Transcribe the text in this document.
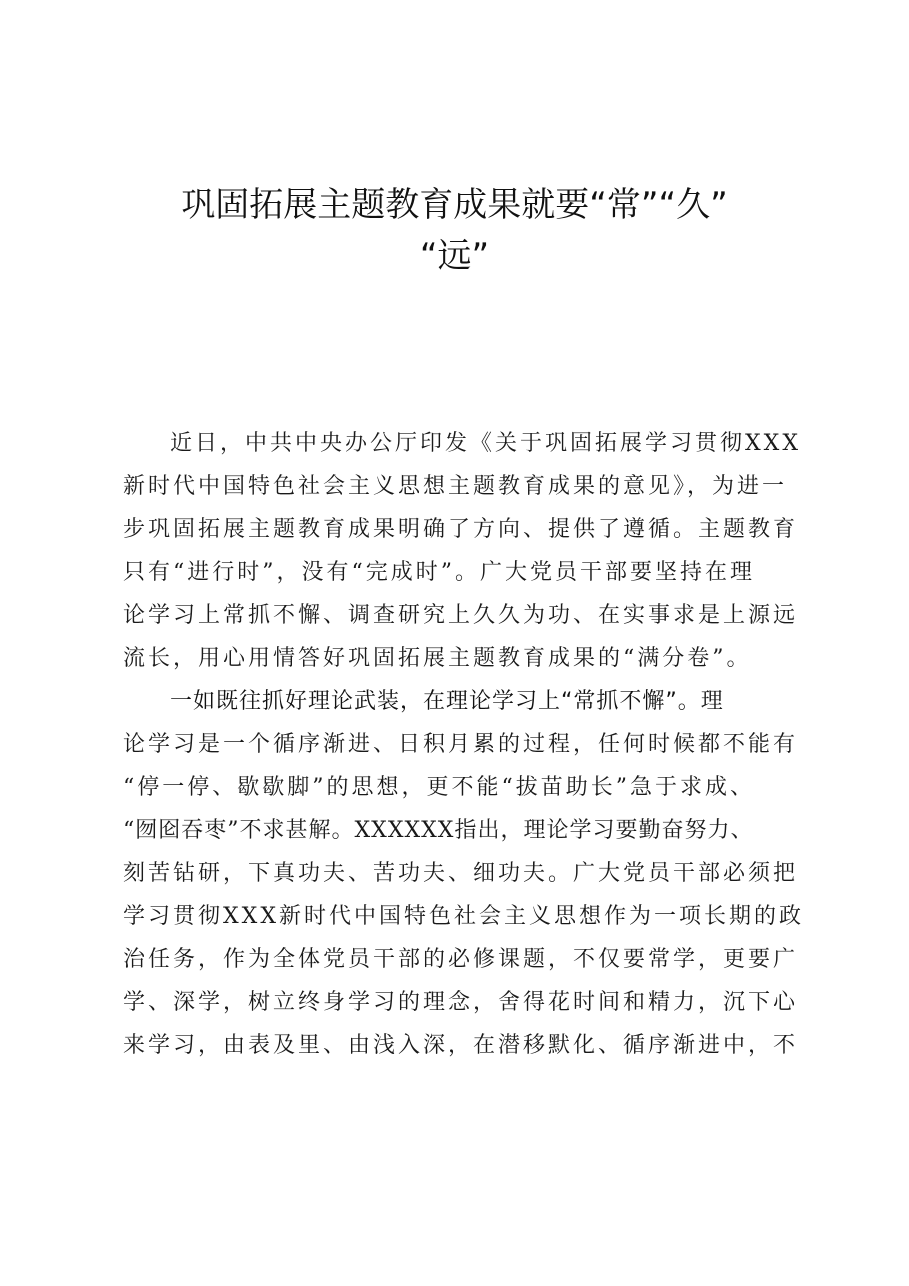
巩固拓展主题教育成果就要“常”“久”
“远”
近日，中共中央办公厅印发《关于巩固拓展学习贯彻XXX
新时代中国特色社会主义思想主题教育成果的意见》，为进一
步巩固拓展主题教育成果明确了方向、提供了遵循。主题教育
只有“进行时”，没有“完成时”。广大党员干部要坚持在理
论学习上常抓不懈、调查研究上久久为功、在实事求是上源远
流长，用心用情答好巩固拓展主题教育成果的“满分卷”。
一如既往抓好理论武装，在理论学习上“常抓不懈”。理
论学习是一个循序渐进、日积月累的过程，任何时候都不能有
“停一停、歇歇脚”的思想，更不能“拔苗助长”急于求成、
“囫囵吞枣”不求甚解。XXXXXX指出，理论学习要勤奋努力、
刻苦钻研，下真功夫、苦功夫、细功夫。广大党员干部必须把
学习贯彻XXX新时代中国特色社会主义思想作为一项长期的政
治任务，作为全体党员干部的必修课题，不仅要常学，更要广
学、深学，树立终身学习的理念，舍得花时间和精力，沉下心
来学习，由表及里、由浅入深，在潜移默化、循序渐进中，不
